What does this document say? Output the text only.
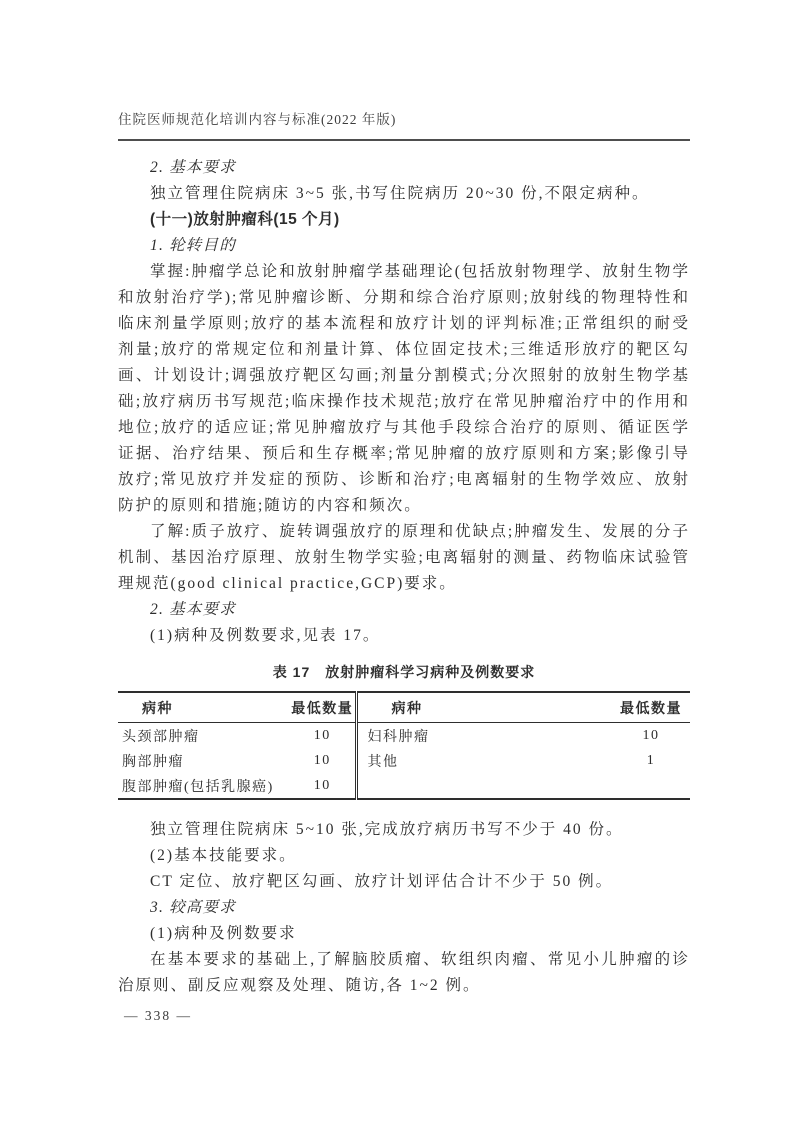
住院医师规范化培训内容与标准(2022 年版)

2. 基本要求

独立管理住院病床 3~5 张,书写住院病历 20~30 份,不限定病种。

(十一)放射肿瘤科(15 个月)

1. 轮转目的

掌握:肿瘤学总论和放射肿瘤学基础理论(包括放射物理学、放射生物学和放射治疗学);常见肿瘤诊断、分期和综合治疗原则;放射线的物理特性和临床剂量学原则;放疗的基本流程和放疗计划的评判标准;正常组织的耐受剂量;放疗的常规定位和剂量计算、体位固定技术;三维适形放疗的靶区勾画、计划设计;调强放疗靶区勾画;剂量分割模式;分次照射的放射生物学基础;放疗病历书写规范;临床操作技术规范;放疗在常见肿瘤治疗中的作用和地位;放疗的适应证;常见肿瘤放疗与其他手段综合治疗的原则、循证医学证据、治疗结果、预后和生存概率;常见肿瘤的放疗原则和方案;影像引导放疗;常见放疗并发症的预防、诊断和治疗;电离辐射的生物学效应、放射防护的原则和措施;随访的内容和频次。

了解:质子放疗、旋转调强放疗的原理和优缺点;肿瘤发生、发展的分子机制、基因治疗原理、放射生物学实验;电离辐射的测量、药物临床试验管理规范(good clinical practice,GCP)要求。

2. 基本要求

(1)病种及例数要求,见表 17。

表 17　放射肿瘤科学习病种及例数要求
病种	最低数量	病种	最低数量
头颈部肿瘤	10	妇科肿瘤	10
胸部肿瘤	10	其他	1
腹部肿瘤(包括乳腺癌)	10		

独立管理住院病床 5~10 张,完成放疗病历书写不少于 40 份。

(2)基本技能要求。

CT 定位、放疗靶区勾画、放疗计划评估合计不少于 50 例。

3. 较高要求

(1)病种及例数要求

在基本要求的基础上,了解脑胶质瘤、软组织肉瘤、常见小儿肿瘤的诊治原则、副反应观察及处理、随访,各 1~2 例。

— 338 —
